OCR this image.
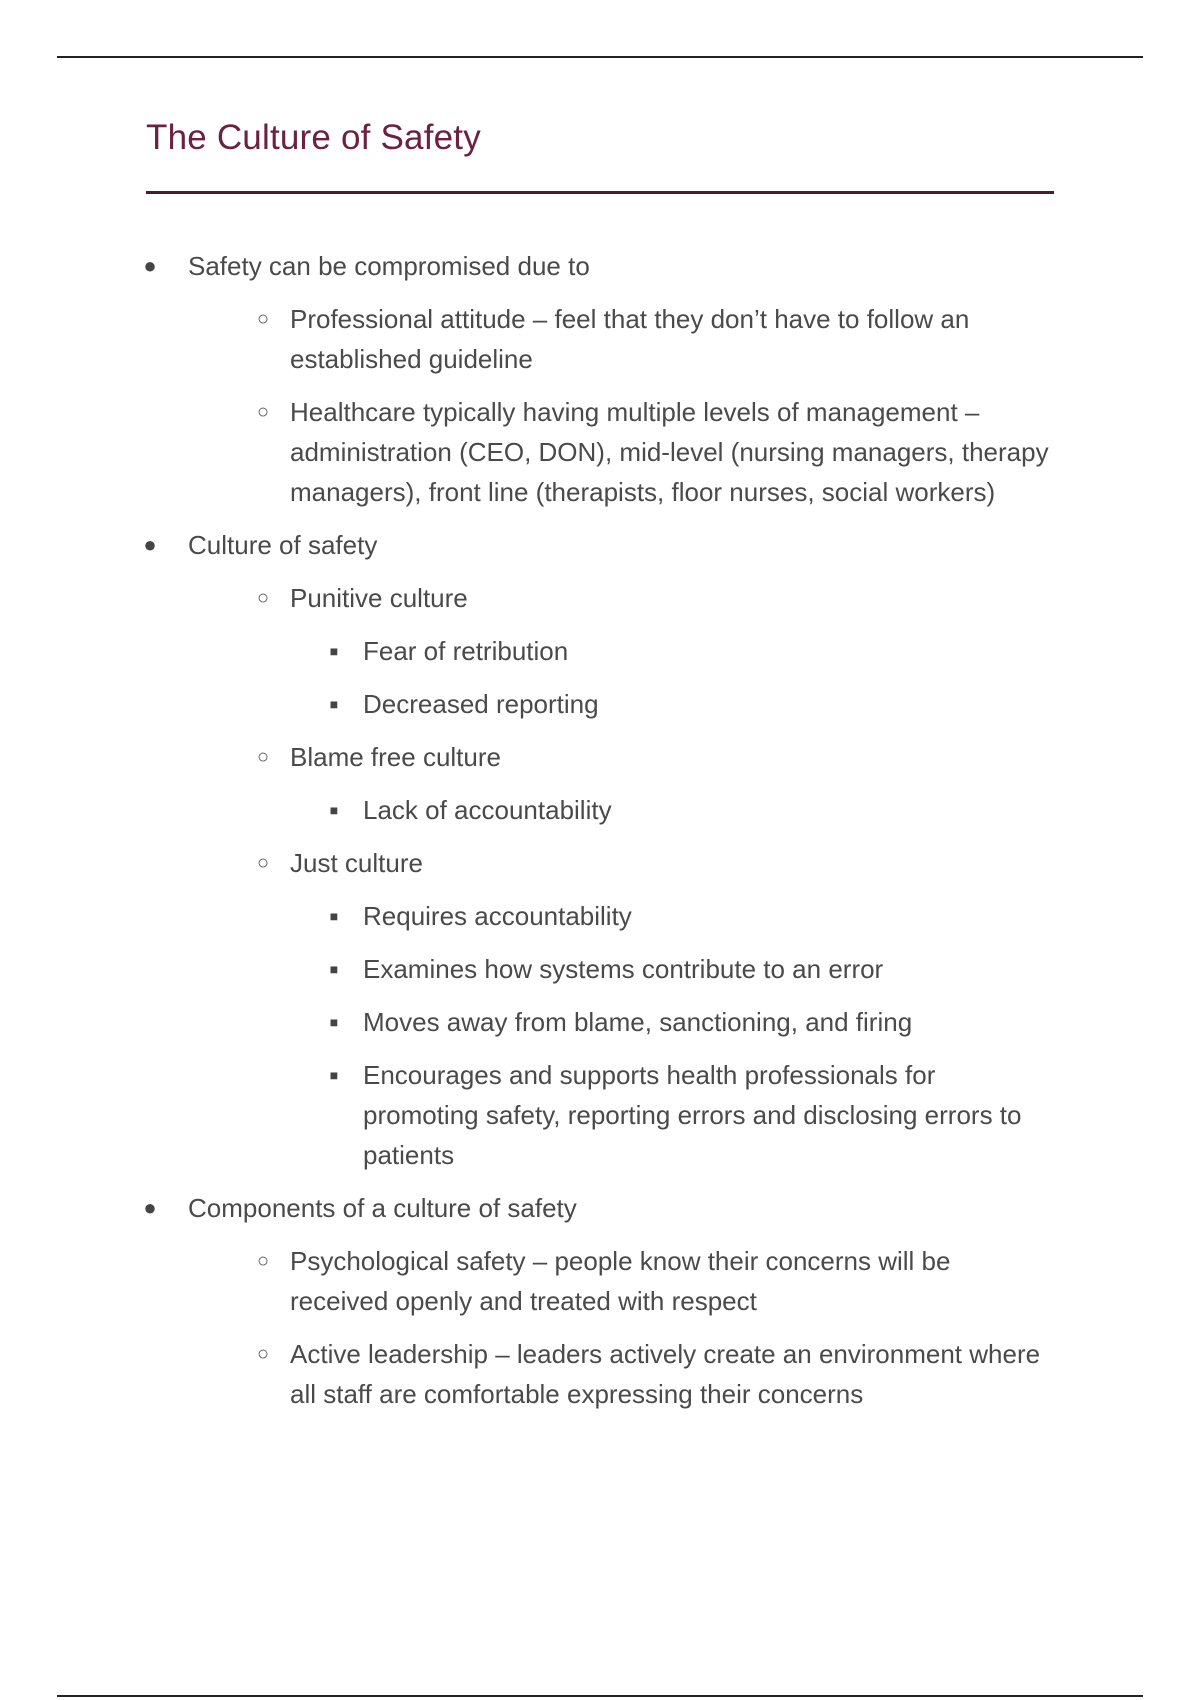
The Culture of Safety
● Safety can be compromised due to
○ Professional attitude – feel that they don’t have to follow an established guideline
○ Healthcare typically having multiple levels of management – administration (CEO, DON), mid-level (nursing managers, therapy managers), front line (therapists, floor nurses, social workers)
● Culture of safety
○ Punitive culture
■ Fear of retribution
■ Decreased reporting
○ Blame free culture
■ Lack of accountability
○ Just culture
■ Requires accountability
■ Examines how systems contribute to an error
■ Moves away from blame, sanctioning, and firing
■ Encourages and supports health professionals for promoting safety, reporting errors and disclosing errors to patients
● Components of a culture of safety
○ Psychological safety – people know their concerns will be received openly and treated with respect
○ Active leadership – leaders actively create an environment where all staff are comfortable expressing their concerns
